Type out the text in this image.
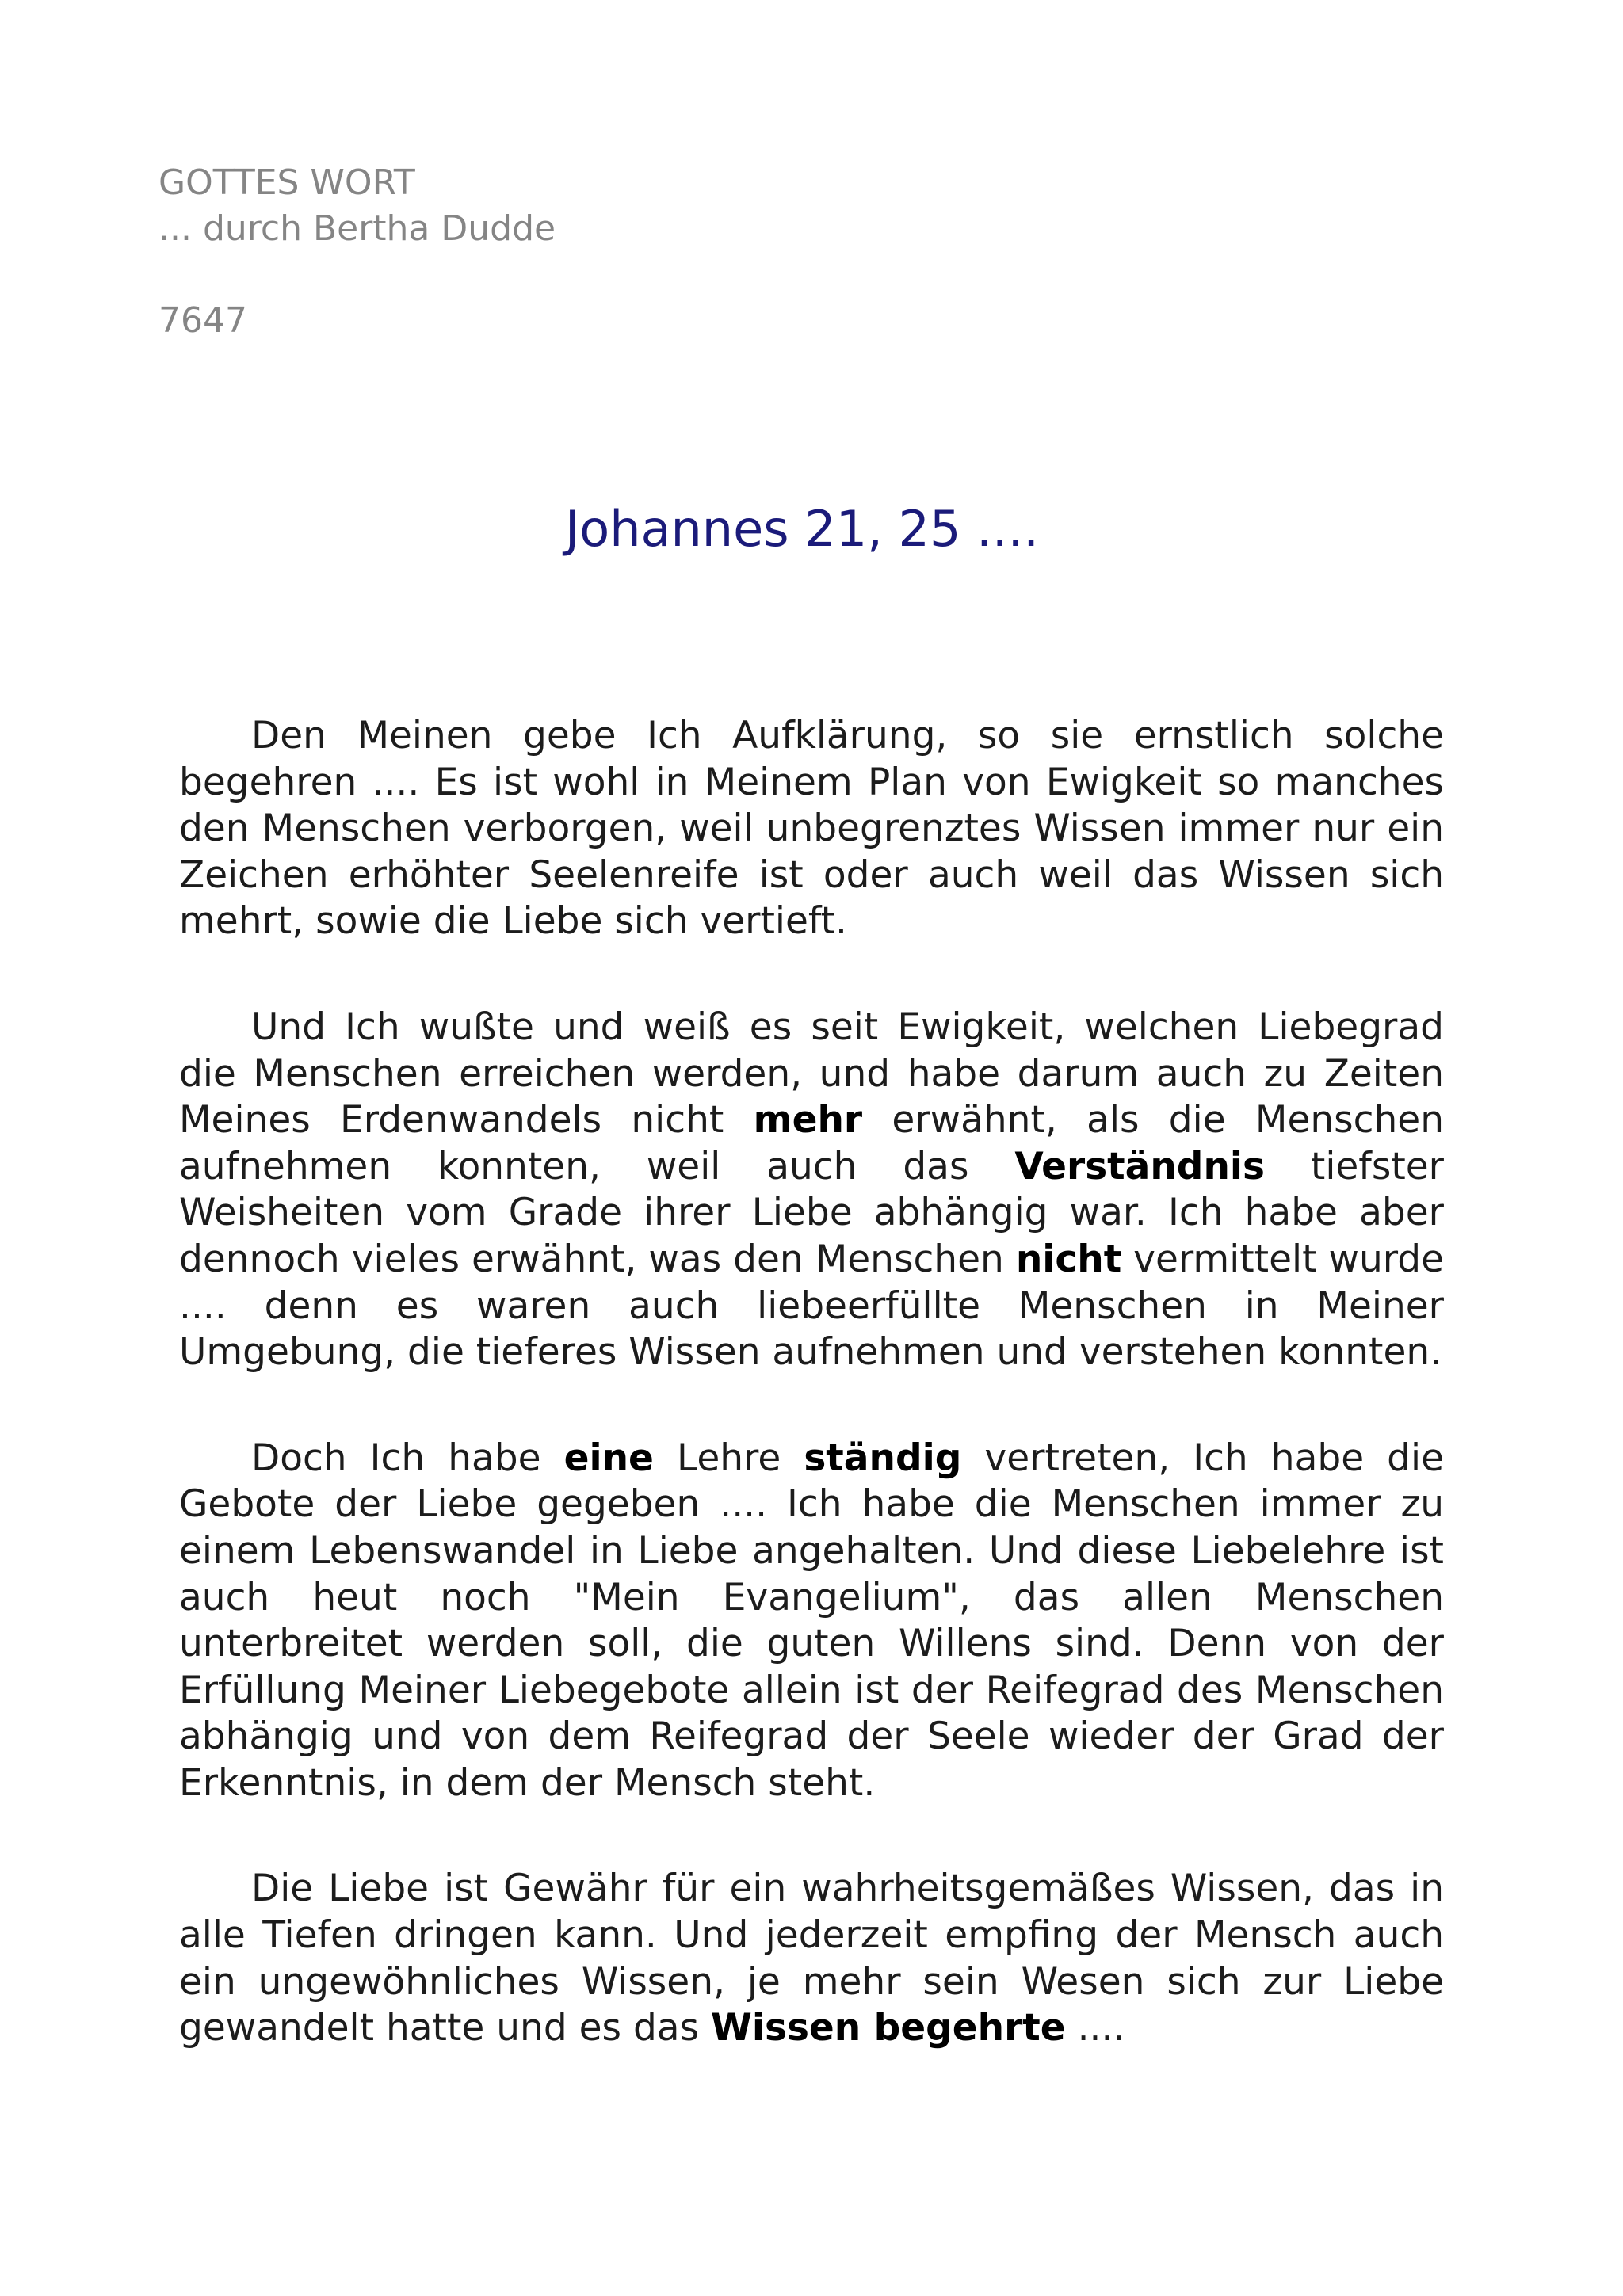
GOTTES WORT
... durch Bertha Dudde
7647
Johannes 21, 25 ....

Den Meinen gebe Ich Aufklärung, so sie ernstlich solche begehren .... Es ist wohl in Meinem Plan von Ewigkeit so manches den Menschen verborgen, weil unbegrenztes Wissen immer nur ein Zeichen erhöhter Seelenreife ist oder auch weil das Wissen sich mehrt, sowie die Liebe sich vertieft.

Und Ich wußte und weiß es seit Ewigkeit, welchen Liebegrad die Menschen erreichen werden, und habe darum auch zu Zeiten Meines Erdenwandels nicht mehr erwähnt, als die Menschen aufnehmen konnten, weil auch das Verständnis tiefster Weisheiten vom Grade ihrer Liebe abhängig war. Ich habe aber dennoch vieles erwähnt, was den Menschen nicht vermittelt wurde .... denn es waren auch liebeerfüllte Menschen in Meiner Umgebung, die tieferes Wissen aufnehmen und verstehen konnten.

Doch Ich habe eine Lehre ständig vertreten, Ich habe die Gebote der Liebe gegeben .... Ich habe die Menschen immer zu einem Lebenswandel in Liebe angehalten. Und diese Liebelehre ist auch heut noch "Mein Evangelium", das allen Menschen unterbreitet werden soll, die guten Willens sind. Denn von der Erfüllung Meiner Liebegebote allein ist der Reifegrad des Menschen abhängig und von dem Reifegrad der Seele wieder der Grad der Erkenntnis, in dem der Mensch steht.

Die Liebe ist Gewähr für ein wahrheitsgemäßes Wissen, das in alle Tiefen dringen kann. Und jederzeit empfing der Mensch auch ein ungewöhnliches Wissen, je mehr sein Wesen sich zur Liebe gewandelt hatte und es das Wissen begehrte ....
